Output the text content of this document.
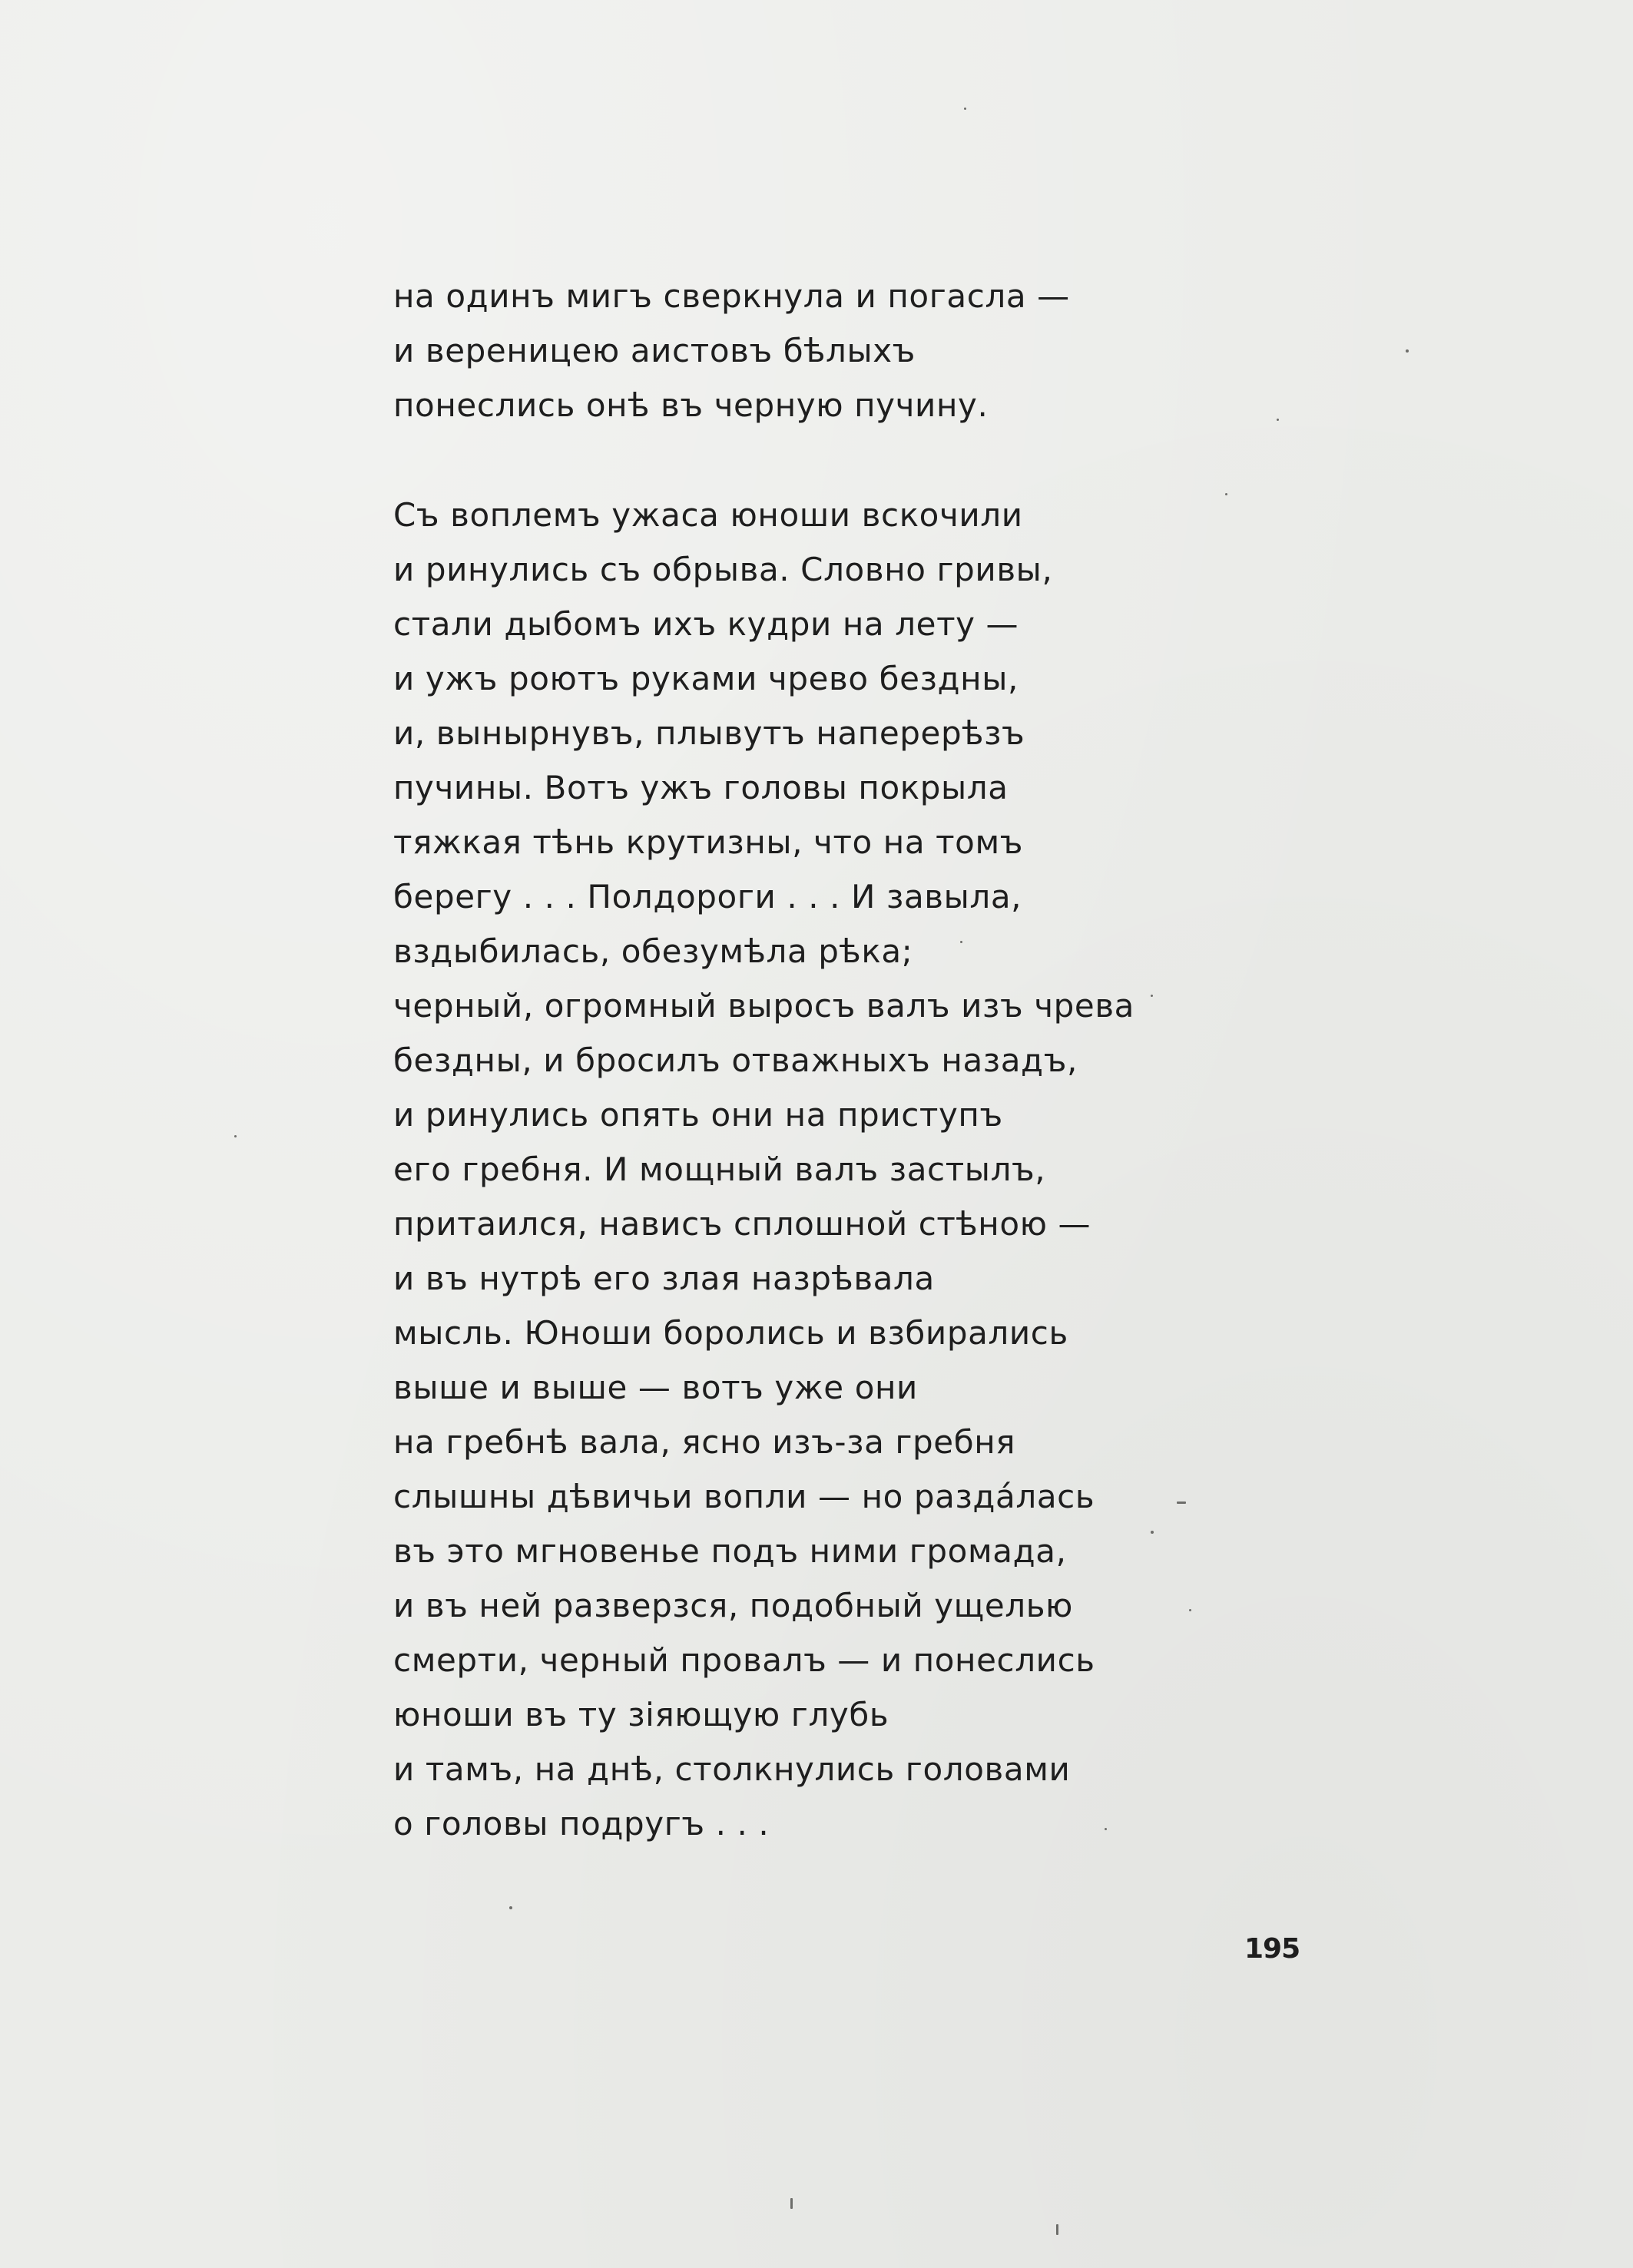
на одинъ мигъ сверкнула и погасла —
и вереницею аистовъ бѣлыхъ
понеслись онѣ въ черную пучину.
Съ воплемъ ужаса юноши вскочили
и ринулись съ обрыва. Словно гривы,
стали дыбомъ ихъ кудри на лету —
и ужъ роютъ руками чрево бездны,
и, вынырнувъ, плывутъ наперерѣзъ
пучины. Вотъ ужъ головы покрыла
тяжкая тѣнь крутизны, что на томъ
берегу . . . Полдороги . . . И завыла,
вздыбилась, обезумѣла рѣка;
черный, огромный выросъ валъ изъ чрева
бездны, и бросилъ отважныхъ назадъ,
и ринулись опять они на приступъ
его гребня. И мощный валъ застылъ,
притаился, нависъ сплошной стѣною —
и въ нутрѣ его злая назрѣвала
мысль. Юноши боролись и взбирались
выше и выше — вотъ уже они
на гребнѣ вала, ясно изъ-за гребня
слышны дѣвичьи вопли — но раздáлась
въ это мгновенье подъ ними громада,
и въ ней разверзся, подобный ущелью
смерти, черный провалъ — и понеслись
юноши въ ту зіяющую глубь
и тамъ, на днѣ, столкнулись головами
о головы подругъ . . .
195
